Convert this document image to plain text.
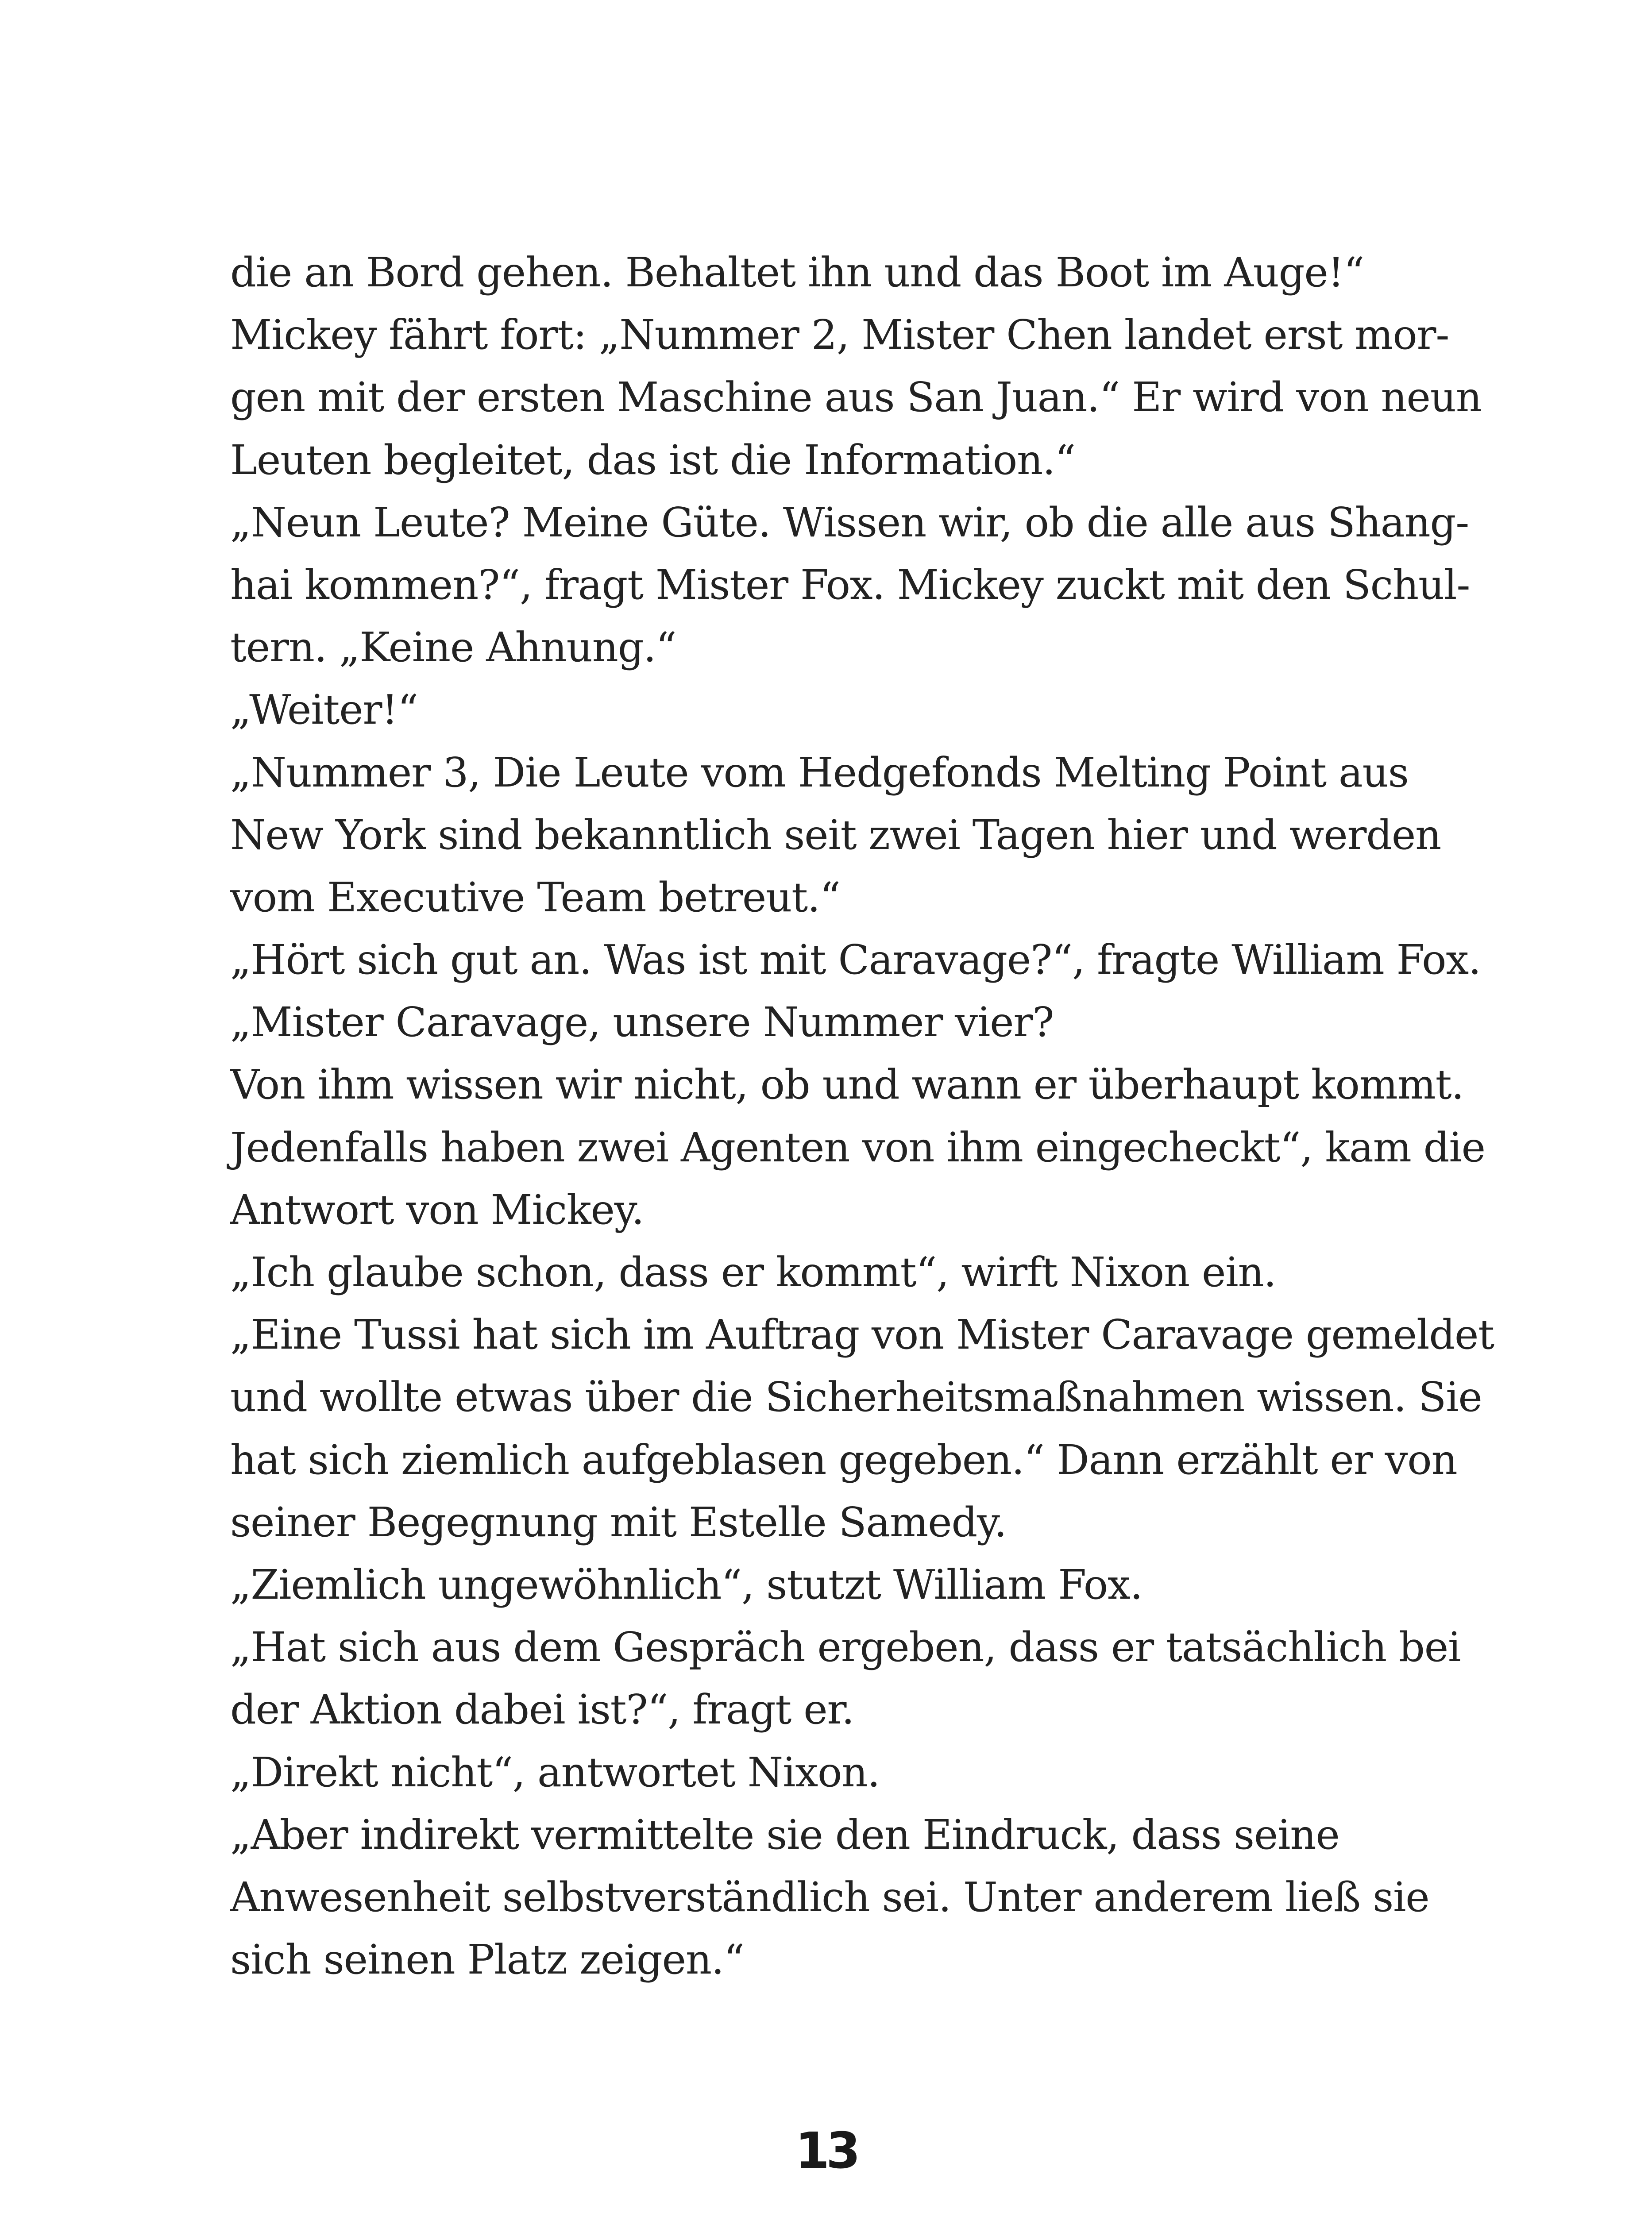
die an Bord gehen. Behaltet ihn und das Boot im Auge!“
Mickey fährt fort: „Nummer 2, Mister Chen landet erst mor-
gen mit der ersten Maschine aus San Juan.“ Er wird von neun
Leuten begleitet, das ist die Information.“
„Neun Leute? Meine Güte. Wissen wir, ob die alle aus Shang-
hai kommen?“, fragt Mister Fox. Mickey zuckt mit den Schul-
tern. „Keine Ahnung.“
„Weiter!“
„Nummer 3, Die Leute vom Hedgefonds Melting Point aus
New York sind bekanntlich seit zwei Tagen hier und werden
vom Executive Team betreut.“
„Hört sich gut an. Was ist mit Caravage?“, fragte William Fox.
„Mister Caravage, unsere Nummer vier?
Von ihm wissen wir nicht, ob und wann er überhaupt kommt.
Jedenfalls haben zwei Agenten von ihm eingecheckt“, kam die
Antwort von Mickey.
„Ich glaube schon, dass er kommt“, wirft Nixon ein.
„Eine Tussi hat sich im Auftrag von Mister Caravage gemeldet
und wollte etwas über die Sicherheitsmaßnahmen wissen. Sie
hat sich ziemlich aufgeblasen gegeben.“ Dann erzählt er von
seiner Begegnung mit Estelle Samedy.
„Ziemlich ungewöhnlich“, stutzt William Fox.
„Hat sich aus dem Gespräch ergeben, dass er tatsächlich bei
der Aktion dabei ist?“, fragt er.
„Direkt nicht“, antwortet Nixon.
„Aber indirekt vermittelte sie den Eindruck, dass seine
Anwesenheit selbstverständlich sei. Unter anderem ließ sie
sich seinen Platz zeigen.“
13
